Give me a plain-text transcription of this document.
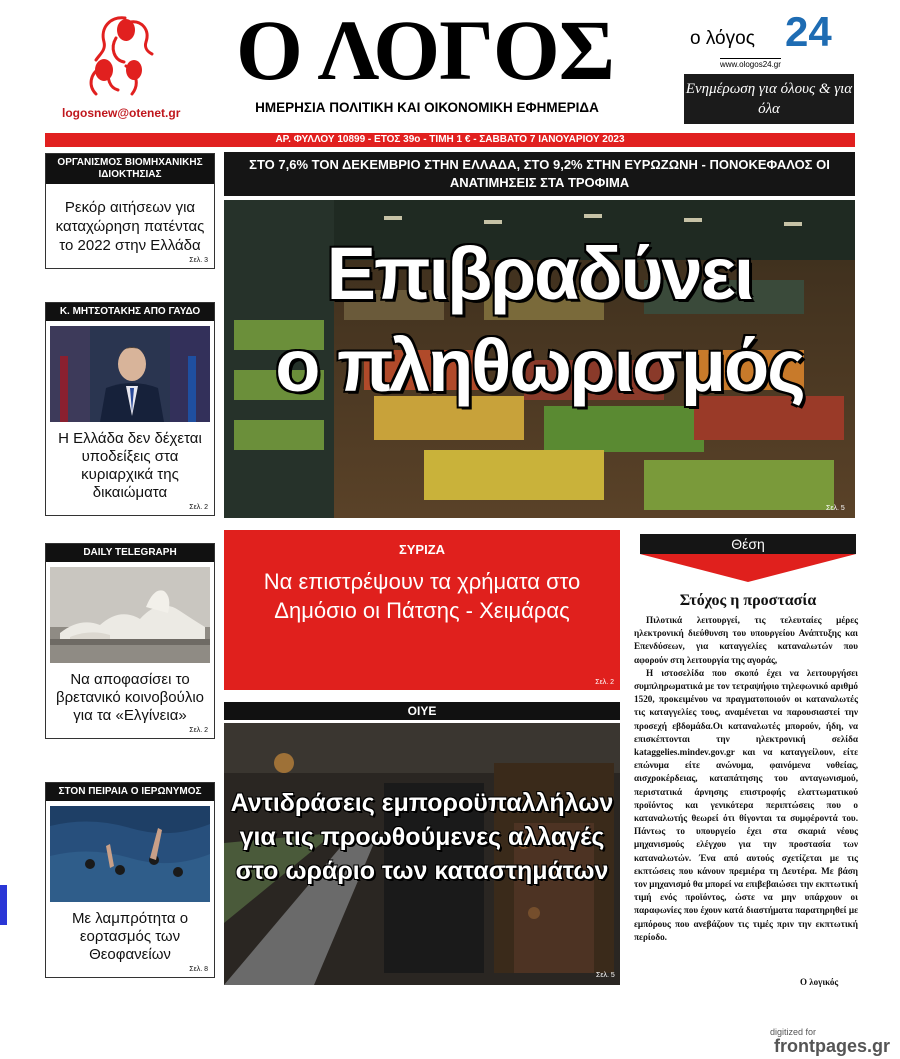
logosnew@otenet.gr
Ο ΛΟΓΟΣ
ΗΜΕΡΗΣΙΑ ΠΟΛΙΤΙΚΗ ΚΑΙ ΟΙΚΟΝΟΜΙΚΗ ΕΦΗΜΕΡΙΔΑ
ο λόγος 24
www.ologos24.gr
Ενημέρωση για όλους & για όλα
ΑΡ. ΦΥΛΛΟΥ 10899 - ΕΤΟΣ 39ο - ΤΙΜΗ 1 € - ΣΑΒΒΑΤΟ 7 ΙΑΝΟΥΑΡΙΟΥ 2023
ΟΡΓΑΝΙΣΜΟΣ ΒΙΟΜΗΧΑΝΙΚΗΣ ΙΔΙΟΚΤΗΣΙΑΣ
Ρεκόρ αιτήσεων για καταχώρηση πατέντας το 2022 στην Ελλάδα
Σελ. 3
Κ. ΜΗΤΣΟΤΑΚΗΣ ΑΠΟ ΓΑΥΔΟ
Η Ελλάδα δεν δέχεται υποδείξεις στα κυριαρχικά της δικαιώματα
Σελ. 2
DAILY TELEGRAPH
Να αποφασίσει το βρετανικό κοινοβούλιο για τα «Ελγίνεια»
Σελ. 2
ΣΤΟΝ ΠΕΙΡΑΙΑ Ο ΙΕΡΩΝΥΜΟΣ
Με λαμπρότητα ο εορτασμός των Θεοφανείων
Σελ. 8
ΣΤΟ 7,6% ΤΟΝ ΔΕΚΕΜΒΡΙΟ ΣΤΗΝ ΕΛΛΑΔΑ, ΣΤΟ 9,2% ΣΤΗΝ ΕΥΡΩΖΩΝΗ - ΠΟΝΟΚΕΦΑΛΟΣ ΟΙ ΑΝΑΤΙΜΗΣΕΙΣ ΣΤΑ ΤΡΟΦΙΜΑ
Επιβραδύνει
ο πληθωρισμός
Σελ. 5
ΣΥΡΙΖΑ
Να επιστρέψουν τα χρήματα στο Δημόσιο οι Πάτσης - Χειμάρας
Σελ. 2
ΟΙΥΕ
Αντιδράσεις εμποροϋπαλλήλων για τις προωθούμενες αλλαγές στο ωράριο των καταστημάτων
Σελ. 5
Θέση
Στόχος η προστασία

Πιλοτικά λειτουργεί, τις τελευταίες μέρες ηλεκτρονική διεύθυνση του υπουργείου Ανάπτυξης και Επενδύσεων, για καταγγελίες καταναλωτών που αφορούν στη λειτουργία της αγοράς,

Η ιστοσελίδα που σκοπό έχει να λειτουργήσει συμπληρωματικά με τον τετραψήφιο τηλεφωνικό αριθμό 1520, προκειμένου να πραγματοποιούν οι καταναλωτές τις καταγγελίες τους, αναμένεται να παρουσιαστεί την προσεχή εβδομάδα.Οι καταναλωτές μπορούν, ήδη, να επισκέπτονται την ηλεκτρονική σελίδα kataggelies.mindev.gov.gr και να καταγγείλουν, είτε επώνυμα είτε ανώνυμα, φαινόμενα νοθείας, αισχροκέρδειας, καταπάτησης του ανταγωνισμού, περιστατικά άρνησης επιστροφής ελαττωματικού προϊόντος και γενικότερα περιπτώσεις που ο καταναλωτής θεωρεί ότι θίγονται τα συμφέροντά του. Πάντως το υπουργείο έχει στα σκαριά νέους μηχανισμούς ελέγχου για την προστασία των καταναλωτών. Ένα από αυτούς σχετίζεται με τις εκπτώσεις που κάνουν πρεμιέρα τη Δευτέρα. Με βάση τον μηχανισμό θα μπορεί να επιβεβαιώσει την εκπτωτική τιμή ενός προϊόντος, ώστε να μην υπάρχουν οι παραφωνίες που έχουν κατά διαστήματα παρατηρηθεί με εμπόρους που ανεβάζουν τις τιμές πριν την εκπτωτική περίοδο.

Ο λογικός
digitized for
frontpages.gr
